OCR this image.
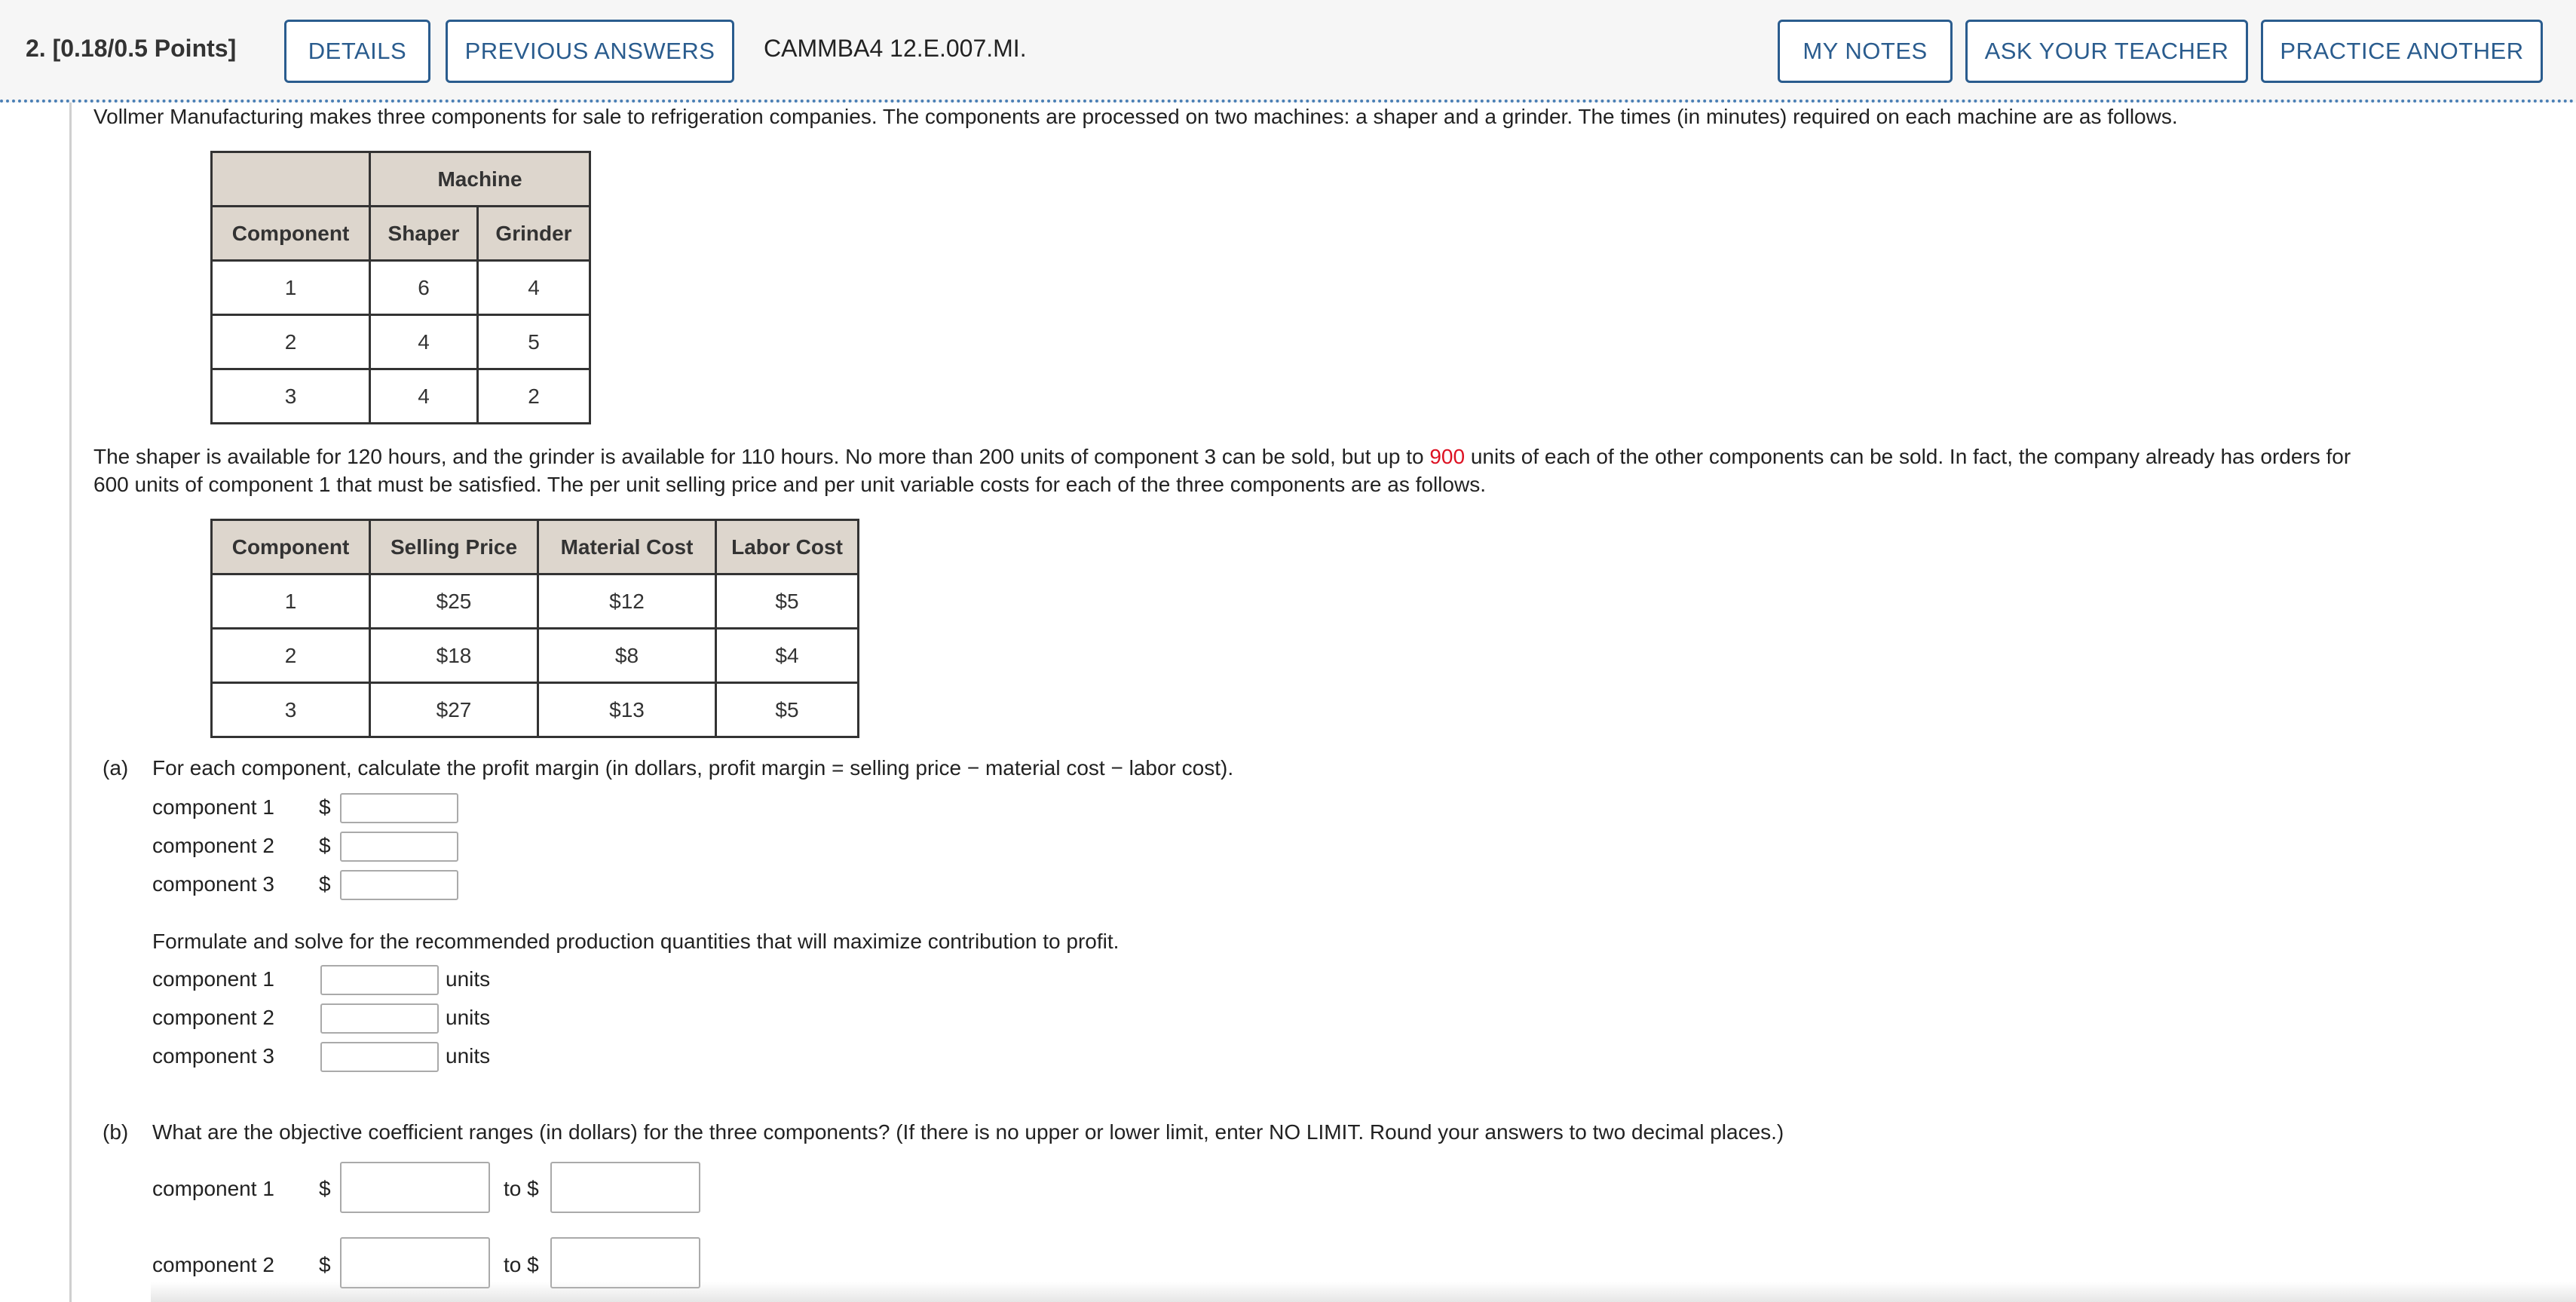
2. [0.18/0.5 Points]	DETAILS	PREVIOUS ANSWERS	CAMMBA4 12.E.007.MI.	MY NOTES	ASK YOUR TEACHER	PRACTICE ANOTHER
Vollmer Manufacturing makes three components for sale to refrigeration companies. The components are processed on two machines: a shaper and a grinder. The times (in minutes) required on each machine are as follows.
	Machine	
Component	Shaper	Grinder
1	6	4
2	4	5
3	4	2
The shaper is available for 120 hours, and the grinder is available for 110 hours. No more than 200 units of component 3 can be sold, but up to 900 units of each of the other components can be sold. In fact, the company already has orders for
600 units of component 1 that must be satisfied. The per unit selling price and per unit variable costs for each of the three components are as follows.
Component	Selling Price	Material Cost	Labor Cost
1	$25	$12	$5
2	$18	$8	$4
3	$27	$13	$5
(a) For each component, calculate the profit margin (in dollars, profit margin = selling price − material cost − labor cost).
component 1 $
component 2 $
component 3 $
Formulate and solve for the recommended production quantities that will maximize contribution to profit.
component 1	units
component 2	units
component 3	units
(b) What are the objective coefficient ranges (in dollars) for the three components? (If there is no upper or lower limit, enter NO LIMIT. Round your answers to two decimal places.)
component 1 $	to $
component 2 $	to $
